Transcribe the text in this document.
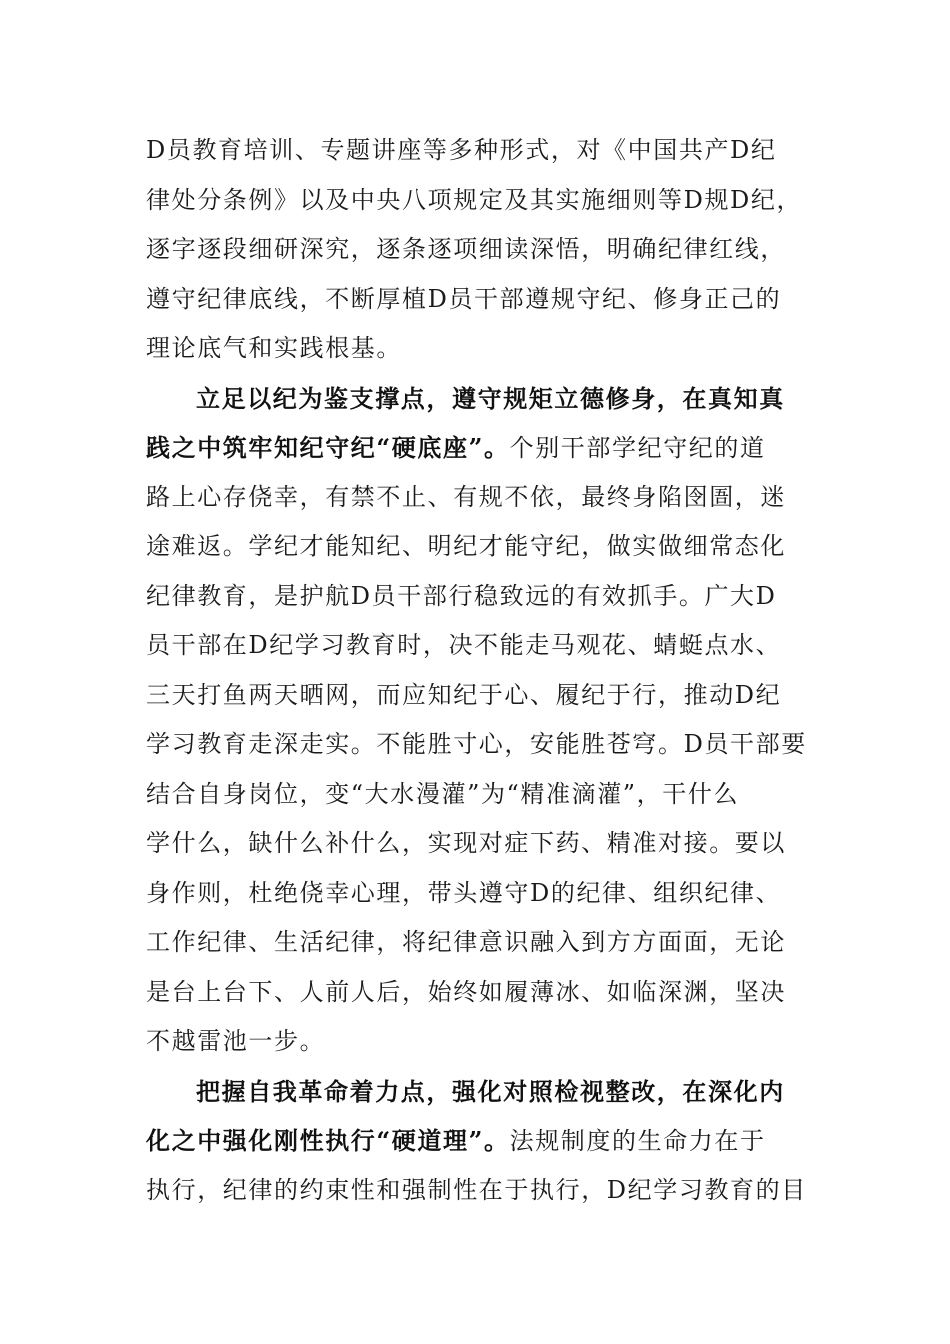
D员教育培训、专题讲座等多种形式，对《中国共产D纪
律处分条例》以及中央八项规定及其实施细则等D规D纪，
逐字逐段细研深究，逐条逐项细读深悟，明确纪律红线，
遵守纪律底线，不断厚植D员干部遵规守纪、修身正己的
理论底气和实践根基。
立足以纪为鉴支撑点，遵守规矩立德修身，在真知真
践之中筑牢知纪守纪“硬底座”。个别干部学纪守纪的道
路上心存侥幸，有禁不止、有规不依，最终身陷囹圄，迷
途难返。学纪才能知纪、明纪才能守纪，做实做细常态化
纪律教育，是护航D员干部行稳致远的有效抓手。广大D
员干部在D纪学习教育时，决不能走马观花、蜻蜓点水、
三天打鱼两天晒网，而应知纪于心、履纪于行，推动D纪
学习教育走深走实。不能胜寸心，安能胜苍穹。D员干部要
结合自身岗位，变“大水漫灌”为“精准滴灌”，干什么
学什么，缺什么补什么，实现对症下药、精准对接。要以
身作则，杜绝侥幸心理，带头遵守D的纪律、组织纪律、
工作纪律、生活纪律，将纪律意识融入到方方面面，无论
是台上台下、人前人后，始终如履薄冰、如临深渊，坚决
不越雷池一步。
把握自我革命着力点，强化对照检视整改，在深化内
化之中强化刚性执行“硬道理”。法规制度的生命力在于
执行，纪律的约束性和强制性在于执行，D纪学习教育的目
